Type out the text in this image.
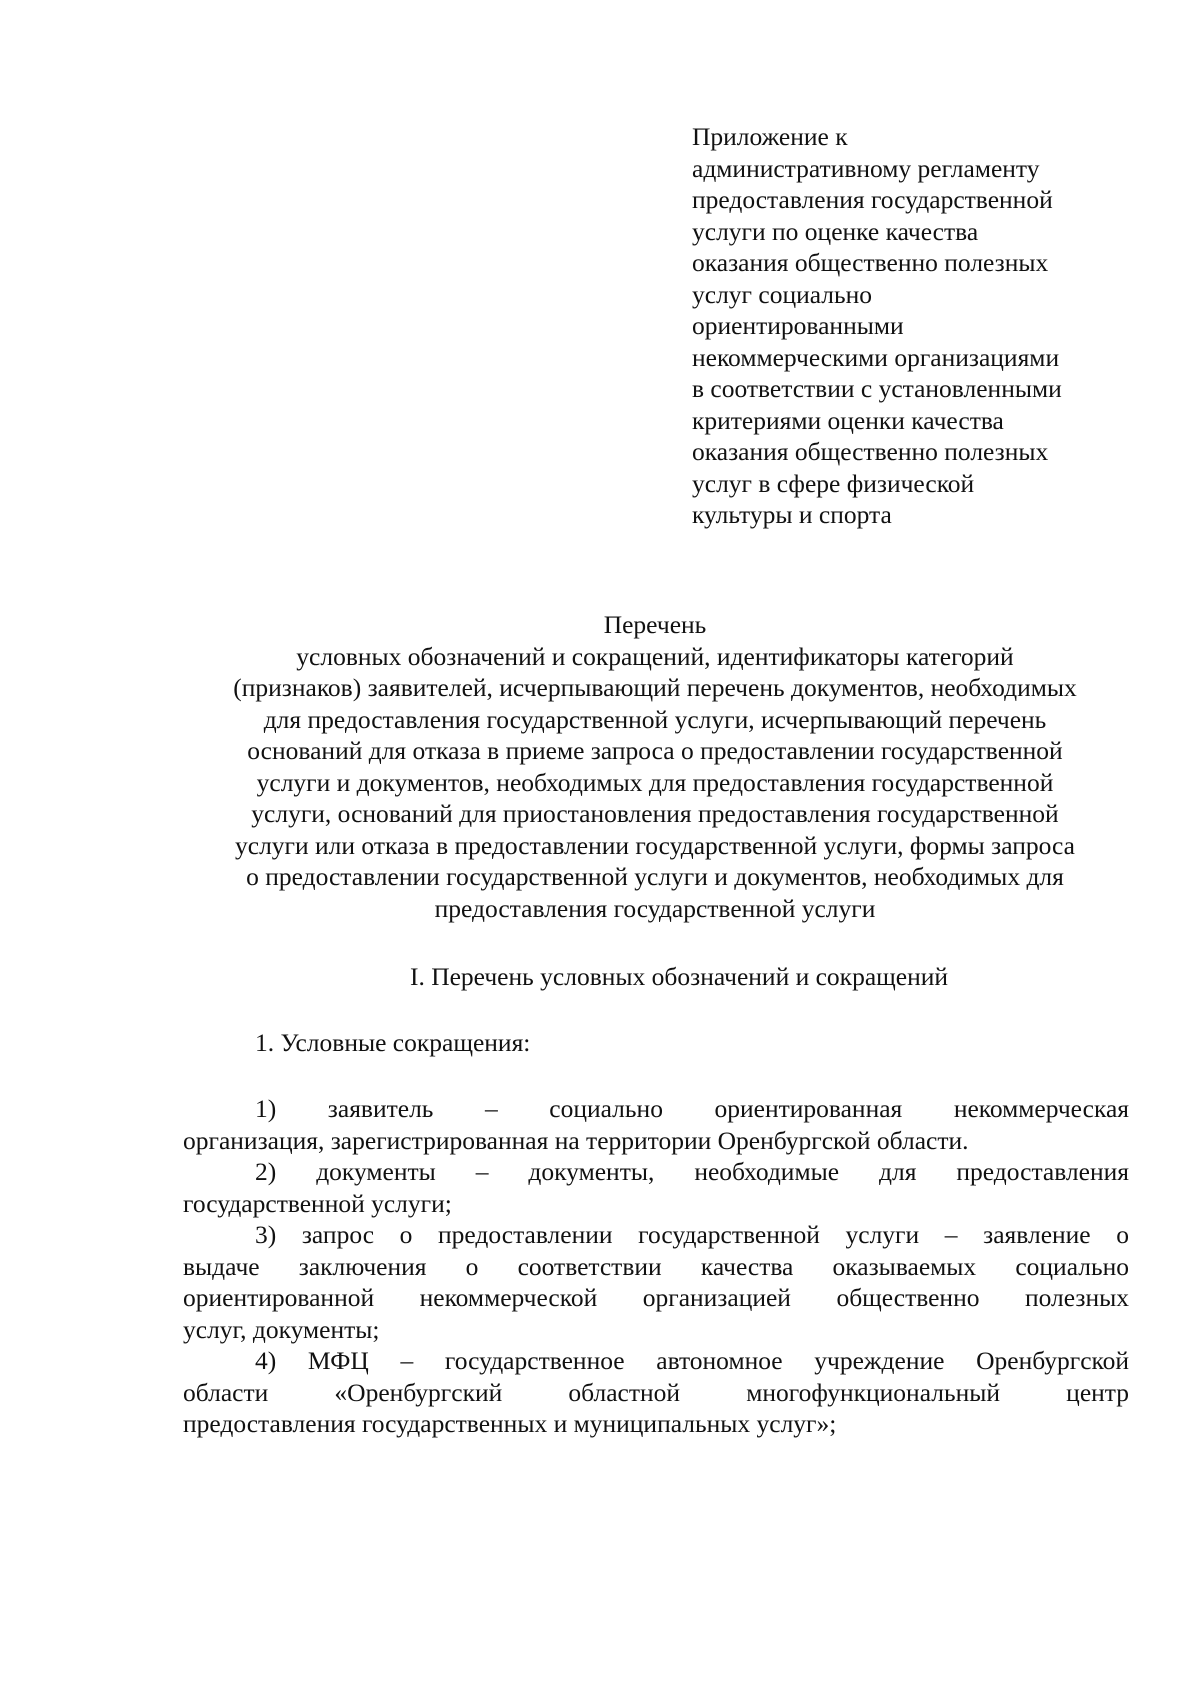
Приложение к
административному регламенту
предоставления государственной
услуги по оценке качества
оказания общественно полезных
услуг социально
ориентированными
некоммерческими организациями
в соответствии с установленными
критериями оценки качества
оказания общественно полезных
услуг в сфере физической
культуры и спорта
Перечень
условных обозначений и сокращений, идентификаторы категорий
(признаков) заявителей, исчерпывающий перечень документов, необходимых
для предоставления государственной услуги, исчерпывающий перечень
оснований для отказа в приеме запроса о предоставлении государственной
услуги и документов, необходимых для предоставления государственной
услуги, оснований для приостановления предоставления государственной
услуги или отказа в предоставлении государственной услуги, формы запроса
о предоставлении государственной услуги и документов, необходимых для
предоставления государственной услуги
I. Перечень условных обозначений и сокращений
1. Условные сокращения:
1) заявитель – социально ориентированная некоммерческая
организация, зарегистрированная на территории Оренбургской области.
2) документы – документы, необходимые для предоставления
государственной услуги;
3) запрос о предоставлении государственной услуги – заявление о
выдаче заключения о соответствии качества оказываемых социально
ориентированной некоммерческой организацией общественно полезных
услуг, документы;
4) МФЦ – государственное автономное учреждение Оренбургской
области «Оренбургский областной многофункциональный центр
предоставления государственных и муниципальных услуг»;
